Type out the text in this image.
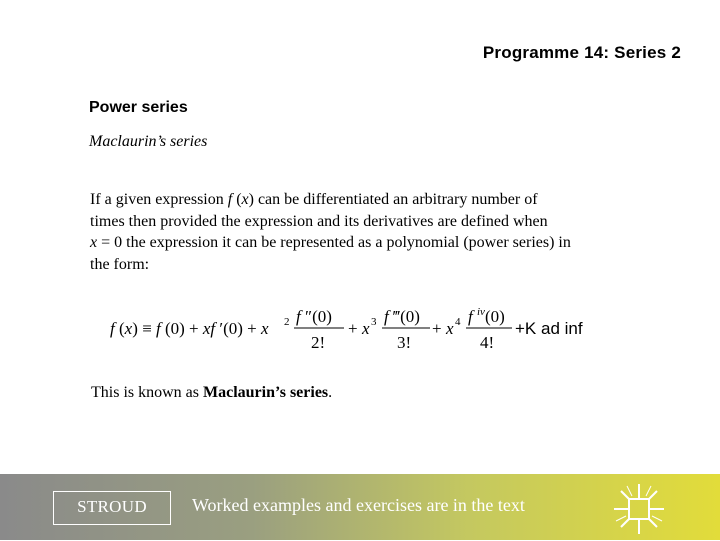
Programme 14: Series 2
Power series
Maclaurin’s series
If a given expression f (x) can be differentiated an arbitrary number of
times then provided the expression and its derivatives are defined when
x = 0 the expression it can be represented as a polynomial (power series) in
the form:
f (x) ≡ f (0) + xf ′(0) + x 2 f ″(0)
2!
+ x 3 f ‴(0)
3!
+ x 4 f $^{iv}$(0)
4!
+K ad inf
This is known as Maclaurin’s series.
STROUD	Worked examples and exercises are in the text
